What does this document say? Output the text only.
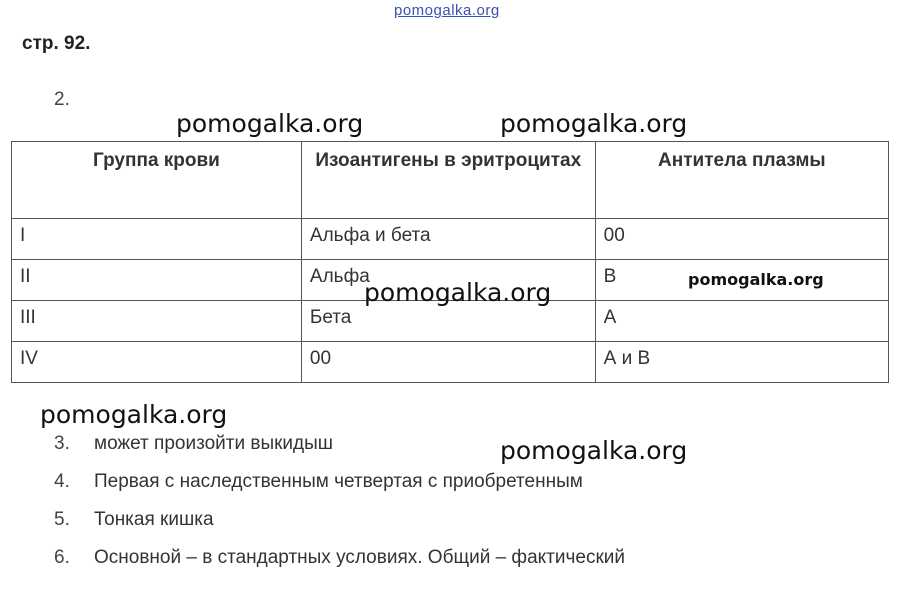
pomogalka.org
стр. 92.
2.
Группа крови	Изоантигены в эритроцитах	Антитела плазмы
I	Альфа и бета	00
II	Альфа	В
III	Бета	А
IV	00	А и В
3.	может произойти выкидыш
4.	Первая с наследственным четвертая с приобретенным
5.	Тонкая кишка
6.	Основной – в стандартных условиях. Общий – фактический
pomogalka.org	pomogalka.org
pomogalka.org
pomogalka.org
pomogalka.org
pomogalka.org
